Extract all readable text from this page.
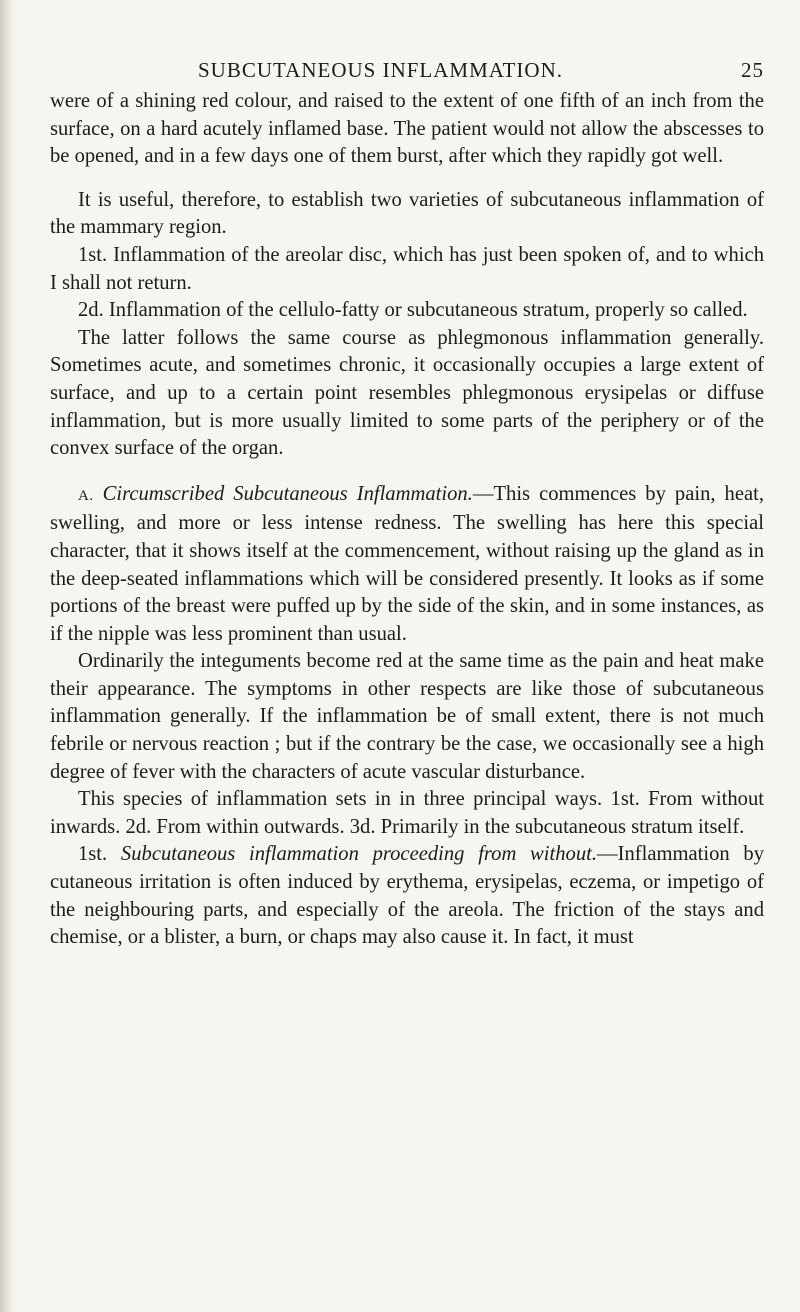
SUBCUTANEOUS INFLAMMATION.	25

were of a shining red colour, and raised to the extent of one fifth of an inch from the surface, on a hard acutely inflamed base. The patient would not allow the abscesses to be opened, and in a few days one of them burst, after which they rapidly got well.

It is useful, therefore, to establish two varieties of subcutaneous inflammation of the mammary region.

1st. Inflammation of the areolar disc, which has just been spoken of, and to which I shall not return.

2d. Inflammation of the cellulo-fatty or subcutaneous stratum, properly so called.

The latter follows the same course as phlegmonous inflammation generally. Sometimes acute, and sometimes chronic, it occasionally occupies a large extent of surface, and up to a certain point resembles phlegmonous erysipelas or diffuse inflammation, but is more usually limited to some parts of the periphery or of the convex surface of the organ.

A. Circumscribed Subcutaneous Inflammation.—This commences by pain, heat, swelling, and more or less intense redness. The swelling has here this special character, that it shows itself at the commencement, without raising up the gland as in the deep-seated inflammations which will be considered presently. It looks as if some portions of the breast were puffed up by the side of the skin, and in some instances, as if the nipple was less prominent than usual.

Ordinarily the integuments become red at the same time as the pain and heat make their appearance. The symptoms in other respects are like those of subcutaneous inflammation generally. If the inflammation be of small extent, there is not much febrile or nervous reaction ; but if the contrary be the case, we occasionally see a high degree of fever with the characters of acute vascular disturbance.

This species of inflammation sets in in three principal ways. 1st. From without inwards. 2d. From within outwards. 3d. Primarily in the subcutaneous stratum itself.

1st. Subcutaneous inflammation proceeding from without.—Inflammation by cutaneous irritation is often induced by erythema, erysipelas, eczema, or impetigo of the neighbouring parts, and especially of the areola. The friction of the stays and chemise, or a blister, a burn, or chaps may also cause it. In fact, it must
